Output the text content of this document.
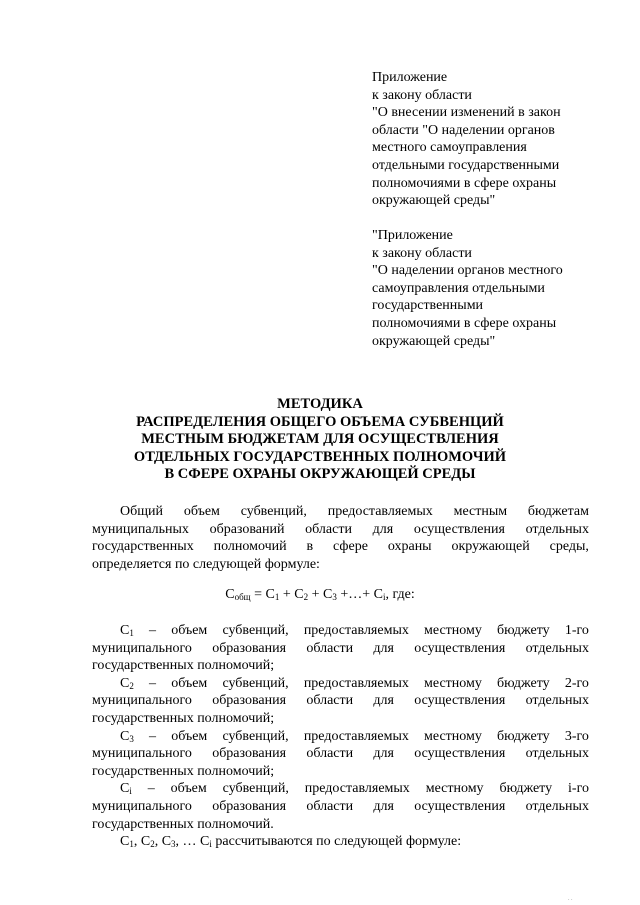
Приложение
к закону области
"О внесении изменений в закон
области "О наделении органов
местного самоуправления
отдельными государственными
полномочиями в сфере охраны
окружающей среды"
"Приложение
к закону области
"О наделении органов местного
самоуправления отдельными
государственными
полномочиями в сфере охраны
окружающей среды"
МЕТОДИКА
РАСПРЕДЕЛЕНИЯ ОБЩЕГО ОБЪЕМА СУБВЕНЦИЙ
МЕСТНЫМ БЮДЖЕТАМ ДЛЯ ОСУЩЕСТВЛЕНИЯ
ОТДЕЛЬНЫХ ГОСУДАРСТВЕННЫХ ПОЛНОМОЧИЙ
В СФЕРЕ ОХРАНЫ ОКРУЖАЮЩЕЙ СРЕДЫ
Общий объем субвенций, предоставляемых местным бюджетам
муниципальных образований области для осуществления отдельных
государственных полномочий в сфере охраны окружающей среды,
определяется по следующей формуле:
$С_{общ} = С_1 + С_2 + С_3$ +…+ $С_i$, где:
$С_1$ – объем субвенций, предоставляемых местному бюджету 1-го
муниципального образования области для осуществления отдельных
государственных полномочий;
$С_2$ – объем субвенций, предоставляемых местному бюджету 2-го
муниципального образования области для осуществления отдельных
государственных полномочий;
$С_3$ – объем субвенций, предоставляемых местному бюджету 3-го
муниципального образования области для осуществления отдельных
государственных полномочий;
$С_i$ – объем субвенций, предоставляемых местному бюджету i-го
муниципального образования области для осуществления отдельных
государственных полномочий.
$С_1$, $С_2$, $С_3$, … $С_i$ рассчитываются по следующей формуле:
. .
